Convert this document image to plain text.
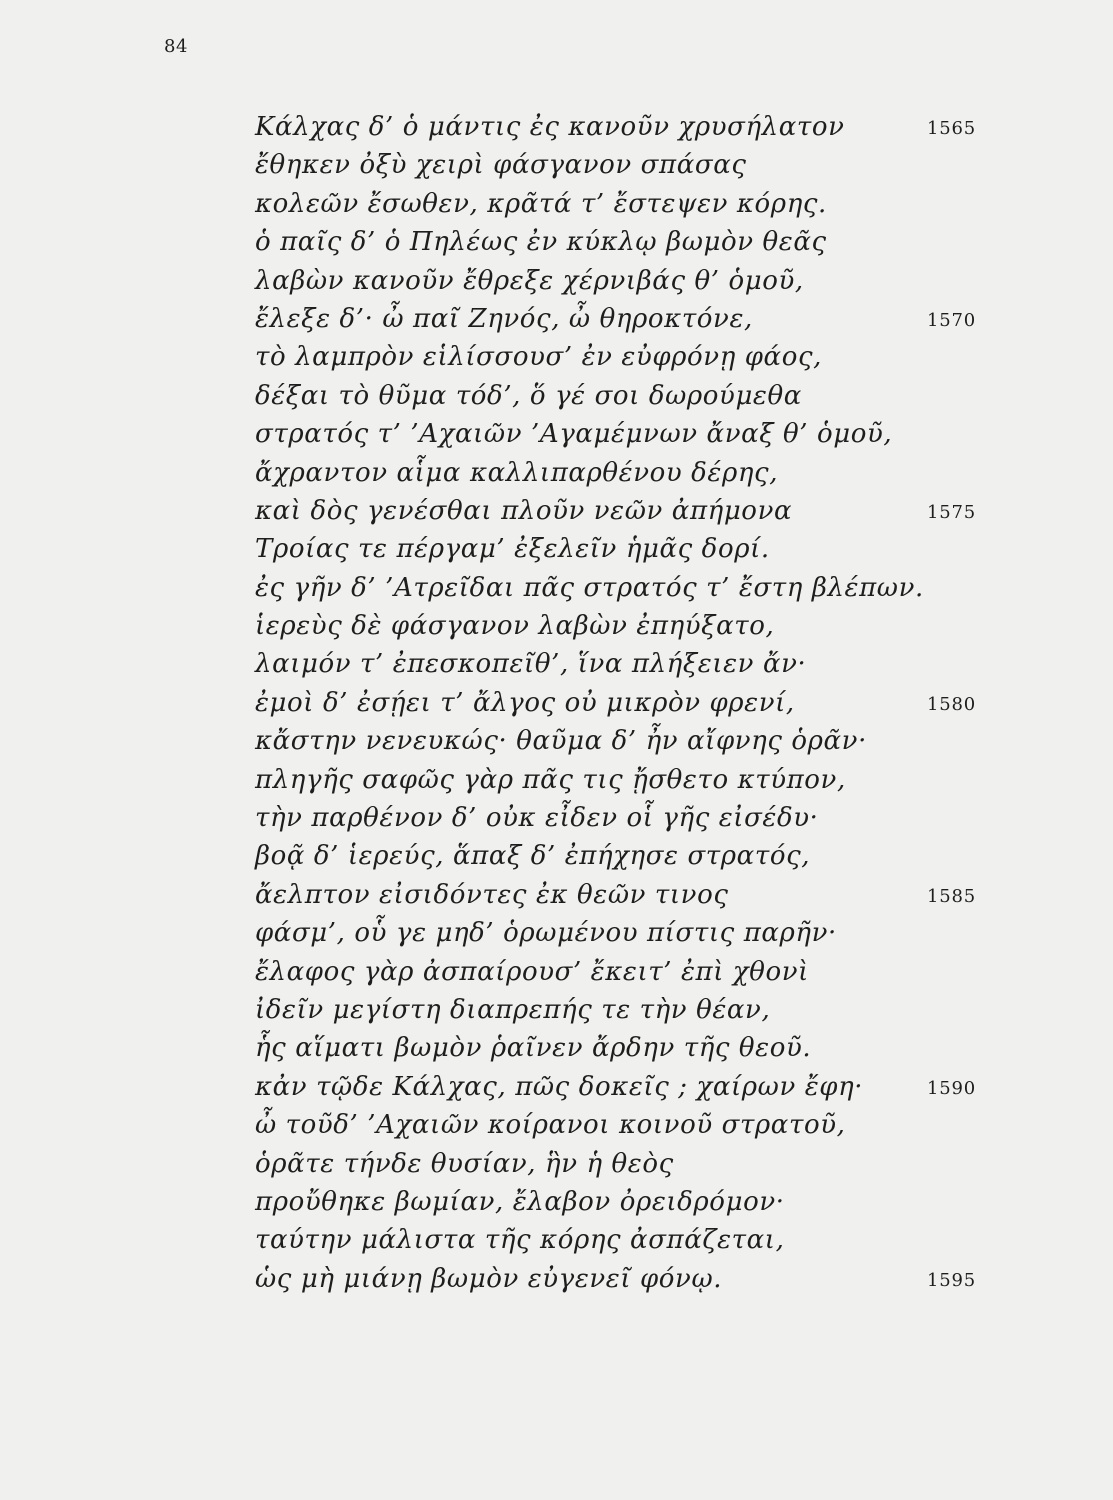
84
Κάλχας δ’ ὁ μάντις ἐς κανοῦν χρυσήλατον	1565
ἔθηκεν ὀξὺ χειρὶ φάσγανον σπάσας
κολεῶν ἔσωθεν, κρᾶτά τ’ ἔστεψεν κόρης.
ὁ παῖς δ’ ὁ Πηλέως ἐν κύκλῳ βωμὸν θεᾶς
λαβὼν κανοῦν ἔθρεξε χέρνιβάς θ’ ὁμοῦ,
ἔλεξε δ’· ὦ παῖ Ζηνός, ὦ θηροκτόνε,	1570
τὸ λαμπρὸν εἱλίσσουσ’ ἐν εὐφρόνῃ φάος,
δέξαι τὸ θῦμα τόδ’, ὅ γέ σοι δωρούμεθα
στρατός τ’ ’Αχαιῶν ’Αγαμέμνων ἄναξ θ’ ὁμοῦ,
ἄχραντον αἷμα καλλιπαρθένου δέρης,
καὶ δὸς γενέσθαι πλοῦν νεῶν ἀπήμονα	1575
Τροίας τε πέργαμ’ ἐξελεῖν ἡμᾶς δορί.
ἐς γῆν δ’ ’Ατρεῖδαι πᾶς στρατός τ’ ἔστη βλέπων.
ἱερεὺς δὲ φάσγανον λαβὼν ἐπηύξατο,
λαιμόν τ’ ἐπεσκοπεῖθ’, ἵνα πλήξειεν ἄν·
ἐμοὶ δ’ ἐσῄει τ’ ἄλγος οὐ μικρὸν φρενί,	1580
κἄστην νενευκώς· θαῦμα δ’ ἦν αἴφνης ὁρᾶν·
πληγῆς σαφῶς γὰρ πᾶς τις ᾔσθετο κτύπον,
τὴν παρθένον δ’ οὐκ εἶδεν οἷ γῆς εἰσέδυ·
βοᾷ δ’ ἱερεύς, ἅπαξ δ’ ἐπήχησε στρατός,
ἄελπτον εἰσιδόντες ἐκ θεῶν τινος	1585
φάσμ’, οὗ γε μηδ’ ὁρωμένου πίστις παρῆν·
ἔλαφος γὰρ ἀσπαίρουσ’ ἔκειτ’ ἐπὶ χθονὶ
ἰδεῖν μεγίστη διαπρεπής τε τὴν θέαν,
ἧς αἵματι βωμὸν ῥαῖνεν ἄρδην τῆς θεοῦ.
κἀν τῷδε Κάλχας, πῶς δοκεῖς ; χαίρων ἔφη·	1590
ὦ τοῦδ’ ’Αχαιῶν κοίρανοι κοινοῦ στρατοῦ,
ὁρᾶτε τήνδε θυσίαν, ἣν ἡ θεὸς
προὔθηκε βωμίαν, ἔλαβον ὀρειδρόμον·
ταύτην μάλιστα τῆς κόρης ἀσπάζεται,
ὡς μὴ μιάνῃ βωμὸν εὐγενεῖ φόνῳ.	1595
